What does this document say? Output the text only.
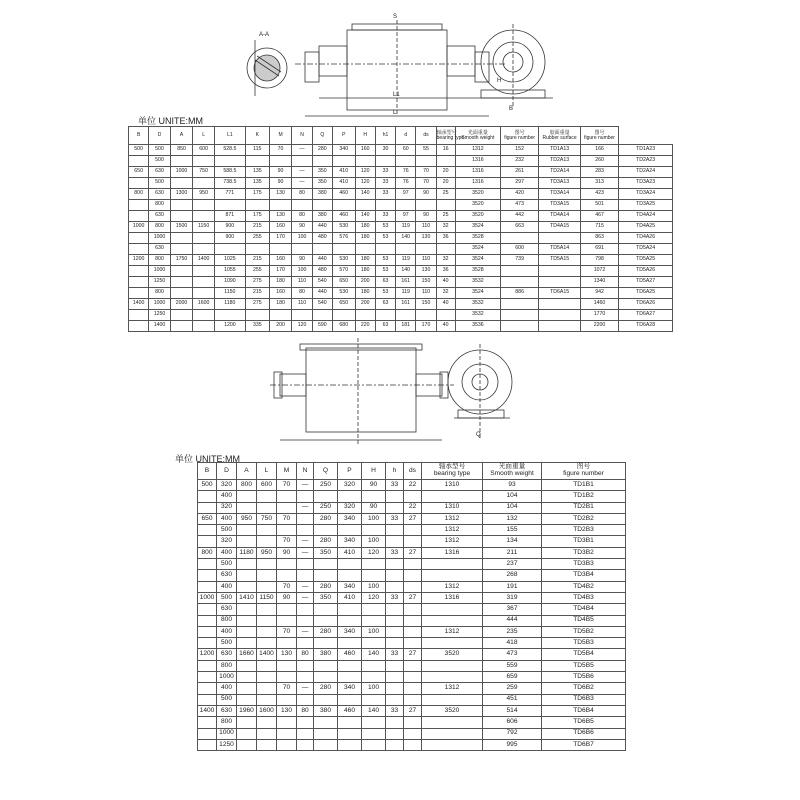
S
A-A
L1
L
H
B
单位 UNITE:MM
B	D	A	L	L1	K	M	N	Q	P	H	h1	d	ds	轴承型号
bearing type	光面重量
Smooth weight	图号
figure number	胶面重量
Rubber surface	图号
figure number	

500	500	850	600	528.5	115	70	—	280	340	160	30	60	55	16	1312	152	TD1A13	166	TD1A23
	500														1316	232	TD2A13	260	TD2A23
650	630	1000	750	588.5	135	90	—	350	410	120	33	76	70	20	1316	261	TD2A14	283	TD2A24
	500			738.5	135	90	—	350	410	120	33	76	70	20	1316	297	TD3A13	313	TD3A23
800	630	1300	950	771	175	130	80	380	460	140	33	97	90	25	3520	420	TD3A14	423	TD3A24
	800														3520	473	TD3A15	501	TD3A25
	630			871	175	130	80	380	460	140	33	97	90	25	3520	442	TD4A14	467	TD4A24
1000	800	1500	1150	900	215	160	90	440	530	180	53	119	110	32	3524	663	TD4A15	715	TD4A25
	1000			900	255	170	100	480	576	180	53	140	130	36	3528			863	TD4A26
	630														3524	600	TD5A14	691	TD5A24
1200	800	1750	1400	1025	215	160	90	440	530	180	53	119	110	32	3524	739	TD5A15	798	TD5A25
	1000			1055	255	170	100	480	570	180	53	140	130	36	3528			1072	TD5A26
	1250			1090	275	180	110	540	650	200	63	161	150	40	3532			1340	TD5A27
	800			1150	215	160	80	440	530	180	53	119	110	32	3524	886	TD6A15	942	TD6A25
1400	1000	2000	1600	1180	275	180	110	540	650	200	63	161	150	40	3532			1460	TD6A26
	1250														3532			1770	TD6A27
	1400			1200	335	200	120	590	680	220	63	181	170	40	3536			2200	TD6A28
Q
单位 UNITE:MM
B	D	A	L	M	N	Q	P	H	h	ds	轴承型号
bearing type	光面重量
Smooth weight	图号
figure number

500	320	800	600	70	—	250	320	90	33	22	1310	93	TD1B1
	400											104	TD1B2
	320				—	250	320	90		22	1310	104	TD2B1
650	400	950	750	70		280	340	100	33	27	1312	132	TD2B2
	500										1312	155	TD2B3
	320			70	—	280	340	100			1312	134	TD3B1
800	400	1180	950	90	—	350	410	120	33	27	1316	211	TD3B2
	500											237	TD3B3
	630											268	TD3B4
	400			70	—	280	340	100			1312	191	TD4B2
1000	500	1410	1150	90	—	350	410	120	33	27	1316	319	TD4B3
	630											367	TD4B4
	800											444	TD4B5
	400			70	—	280	340	100			1312	235	TD5B2
	500											418	TD5B3
1200	630	1660	1400	130	80	380	460	140	33	27	3520	473	TD5B4
	800											559	TD5B5
	1000											659	TD5B6
	400			70	—	280	340	100			1312	259	TD6B2
	500											451	TD6B3
1400	630	1960	1600	130	80	380	460	140	33	27	3520	514	TD6B4
	800											606	TD6B5
	1000											792	TD6B6
	1250											995	TD6B7
